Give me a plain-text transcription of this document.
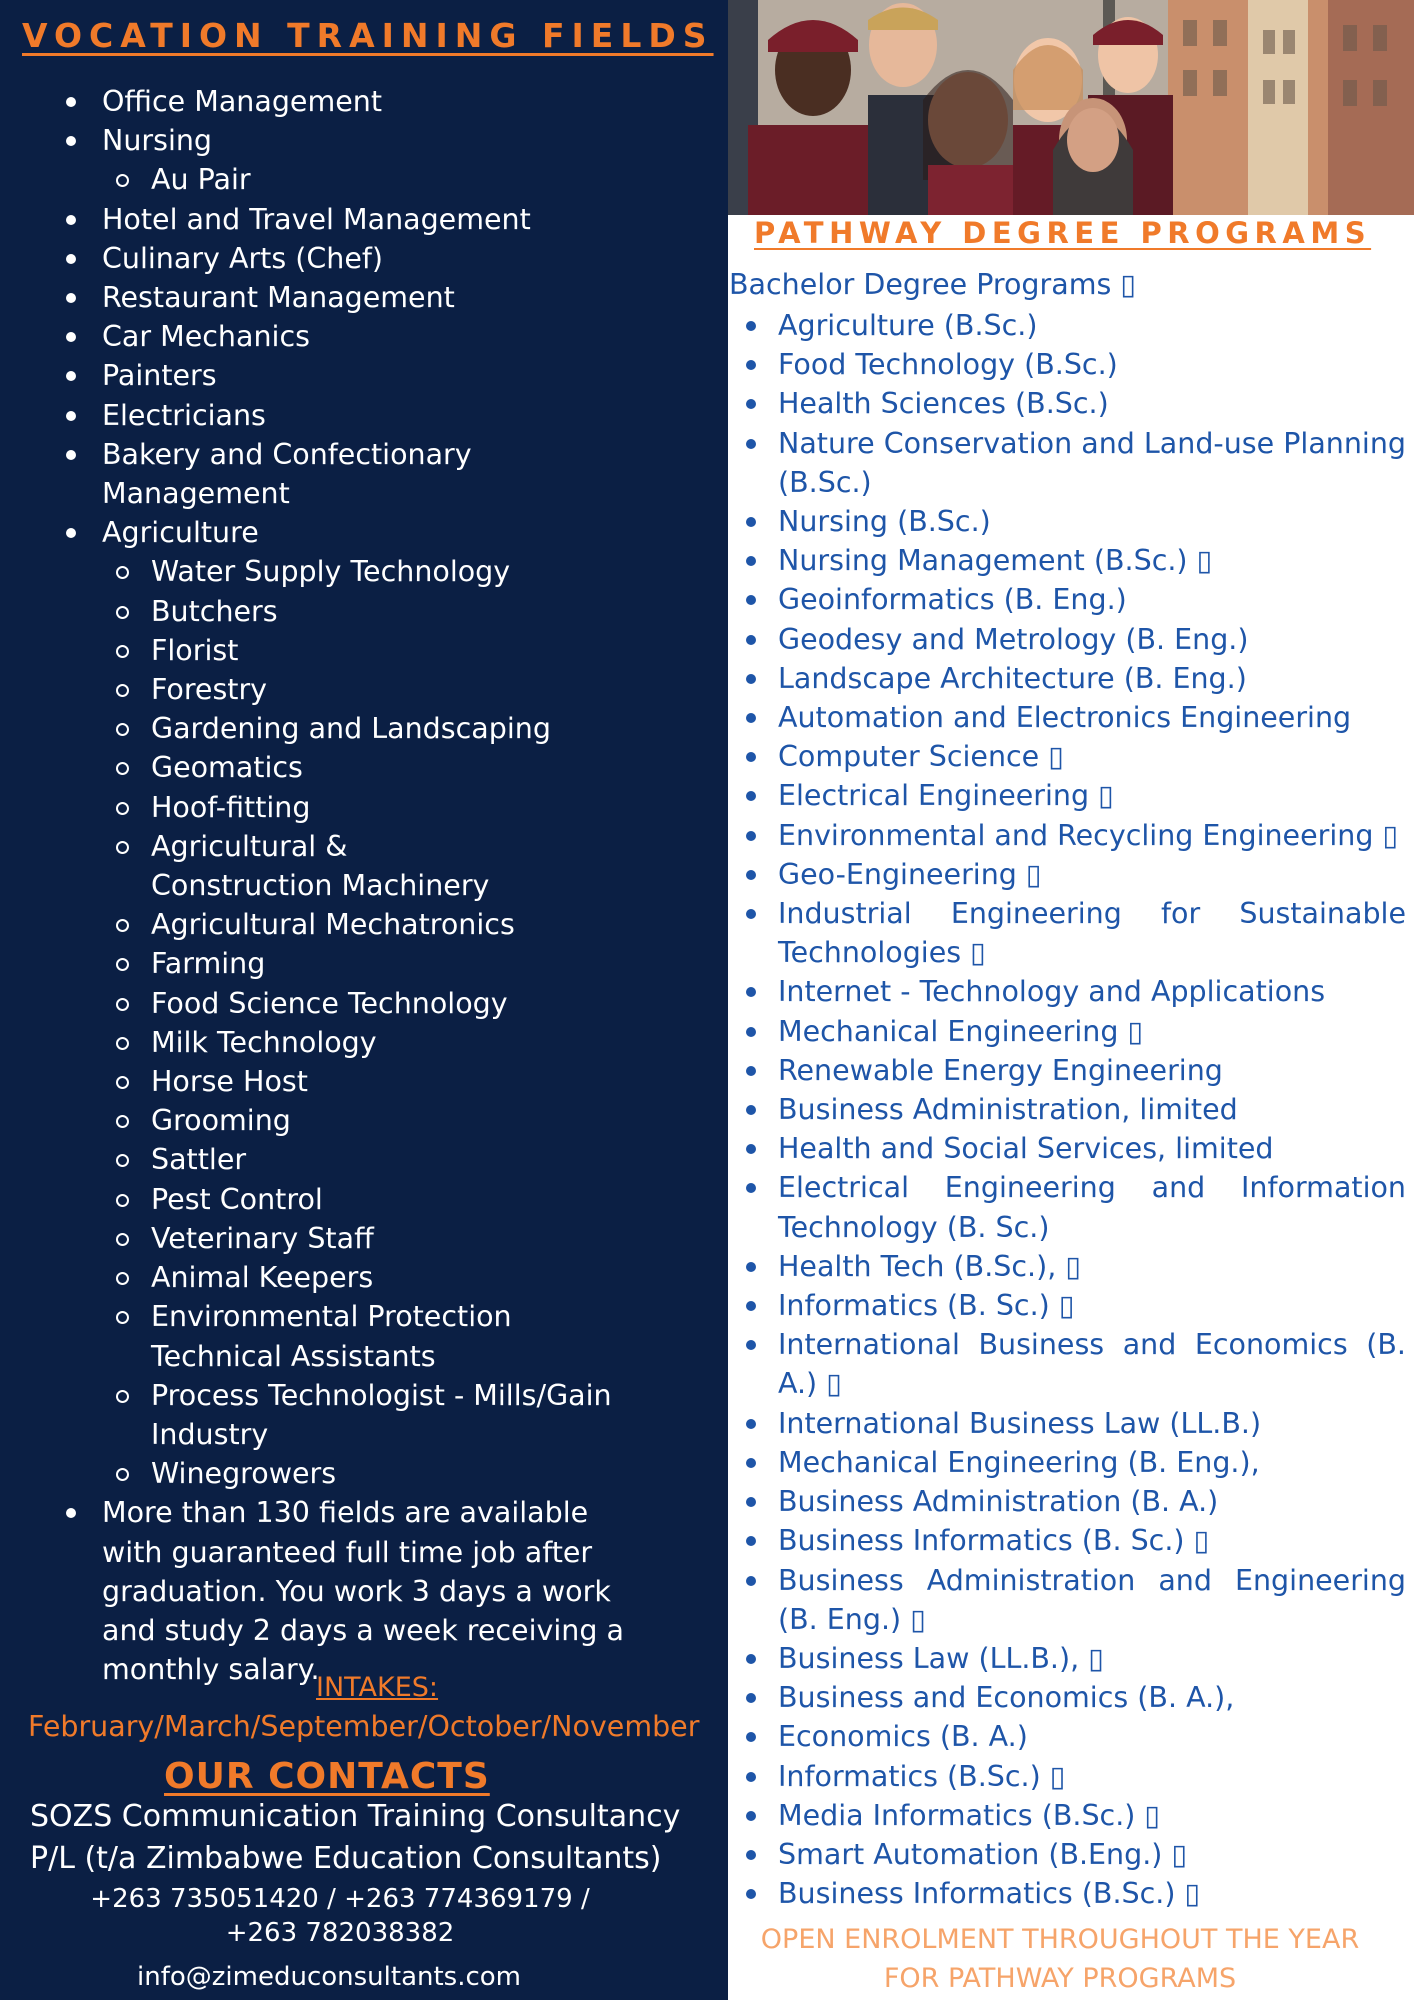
VOCATION TRAINING FIELDS
Office Management
Nursing
Au Pair
Hotel and Travel Management
Culinary Arts (Chef)
Restaurant Management
Car Mechanics
Painters
Electricians
Bakery and Confectionary Management
Agriculture
Water Supply Technology
Butchers
Florist
Forestry
Gardening and Landscaping
Geomatics
Hoof-fitting
Agricultural & Construction Machinery
Agricultural Mechatronics
Farming
Food Science Technology
Milk Technology
Horse Host
Grooming
Sattler
Pest Control
Veterinary Staff
Animal Keepers
Environmental Protection Technical Assistants
Process Technologist - Mills/Gain Industry
Winegrowers
More than 130 fields are available with guaranteed full time job after graduation. You work 3 days a work and study 2 days a week receiving a monthly salary.
INTAKES:
February/March/September/October/November
OUR CONTACTS
SOZS Communication Training Consultancy
P/L (t/a Zimbabwe Education Consultants)
+263 735051420 / +263 774369179 /
+263 782038382
info@zimeduconsultants.com
PATHWAY DEGREE PROGRAMS
Bachelor Degree Programs ▯
Agriculture (B.Sc.)
Food Technology (B.Sc.)
Health Sciences (B.Sc.)
Nature Conservation and Land-use Planning (B.Sc.)
Nursing (B.Sc.)
Nursing Management (B.Sc.) ▯
Geoinformatics (B. Eng.)
Geodesy and Metrology (B. Eng.)
Landscape Architecture (B. Eng.)
Automation and Electronics Engineering
Computer Science ▯
Electrical Engineering ▯
Environmental and Recycling Engineering ▯
Geo-Engineering ▯
Industrial Engineering for Sustainable Technologies ▯
Internet - Technology and Applications
Mechanical Engineering ▯
Renewable Energy Engineering
Business Administration, limited
Health and Social Services, limited
Electrical Engineering and Information Technology (B. Sc.)
Health Tech (B.Sc.), ▯
Informatics (B. Sc.) ▯
International Business and Economics (B. A.) ▯
International Business Law (LL.B.)
Mechanical Engineering (B. Eng.),
Business Administration (B. A.)
Business Informatics (B. Sc.) ▯
Business Administration and Engineering (B. Eng.) ▯
Business Law (LL.B.), ▯
Business and Economics (B. A.),
Economics (B. A.)
Informatics (B.Sc.) ▯
Media Informatics (B.Sc.) ▯
Smart Automation (B.Eng.) ▯
Business Informatics (B.Sc.) ▯
OPEN ENROLMENT THROUGHOUT THE YEAR
FOR PATHWAY PROGRAMS
